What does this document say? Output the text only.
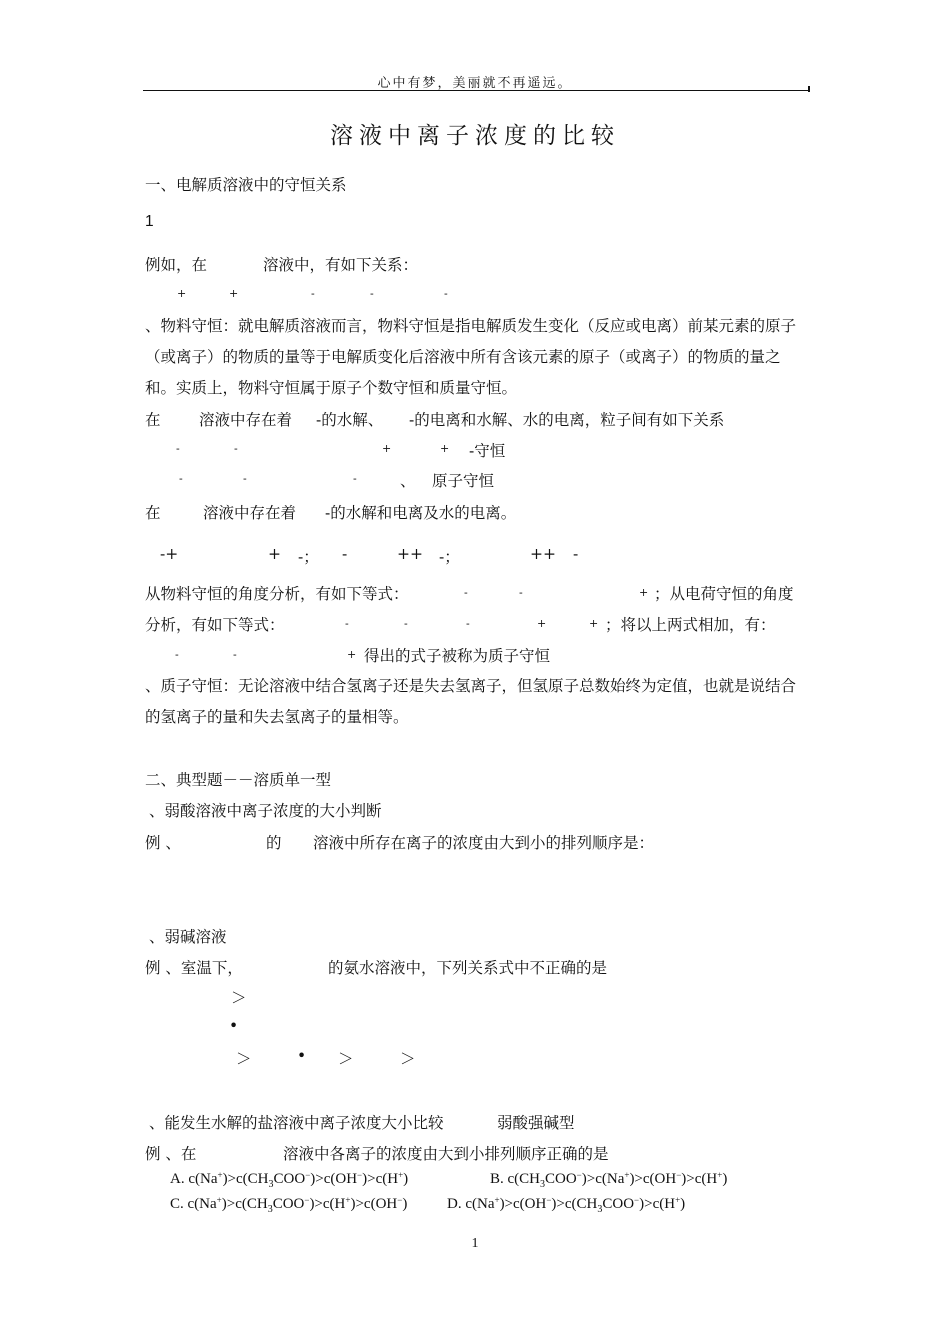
心中有梦，美丽就不再遥远。
溶液中离子浓度的比较
一、电解质溶液中的守恒关系
1
例如，在	溶液中，有如下关系：
+	+	-	-	-
、物料守恒：就电解质溶液而言，物料守恒是指电解质发生变化（反应或电离）前某元素的原子（或离子）的物质的量等于电解质变化后溶液中所有含该元素的原子（或离子）的物质的量之和。实质上，物料守恒属于原子个数守恒和质量守恒。
在 溶液中存在着 -的水解、 -的电离和水解、水的电离，粒子间有如下关系
-	-	+	+ -守恒
-	-	-	、 原子守恒
在	溶液中存在着 -的水解和电离及水的电离。
-+	+ -； -	++ -；	++ -
从物料守恒的角度分析，有如下等式：	-	-	+ ；从电荷守恒的角度
分析，有如下等式：	-	-	-	+	+ ；将以上两式相加，有：
-	-	+ 得出的式子被称为质子守恒
、质子守恒：无论溶液中结合氢离子还是失去氢离子，但氢原子总数始终为定值，也就是说结合的氢离子的量和失去氢离子的量相等。
二、典型题－－溶质单一型
、弱酸溶液中离子浓度的大小判断
例 、	的 溶液中所存在离子的浓度由大到小的排列顺序是：
、弱碱溶液
例 、室温下，	的氨水溶液中，下列关系式中不正确的是
＞
•
＞	• ＞	＞
、能发生水解的盐溶液中离子浓度大小比较	弱酸强碱型
例 、在	溶液中各离子的浓度由大到小排列顺序正确的是
A. $c(Na^+)>c(CH_3COO^-)>c(OH^-)>c(H^+)$	B. $c(CH_3COO^-)>c(Na^+)>c(OH^-)>c(H^+)$
C. $c(Na^+)>c(CH_3COO^-)>c(H^+)>c(OH^-)$	D. $c(Na^+)>c(OH^-)>c(CH_3COO^-)>c(H^+)$
1
